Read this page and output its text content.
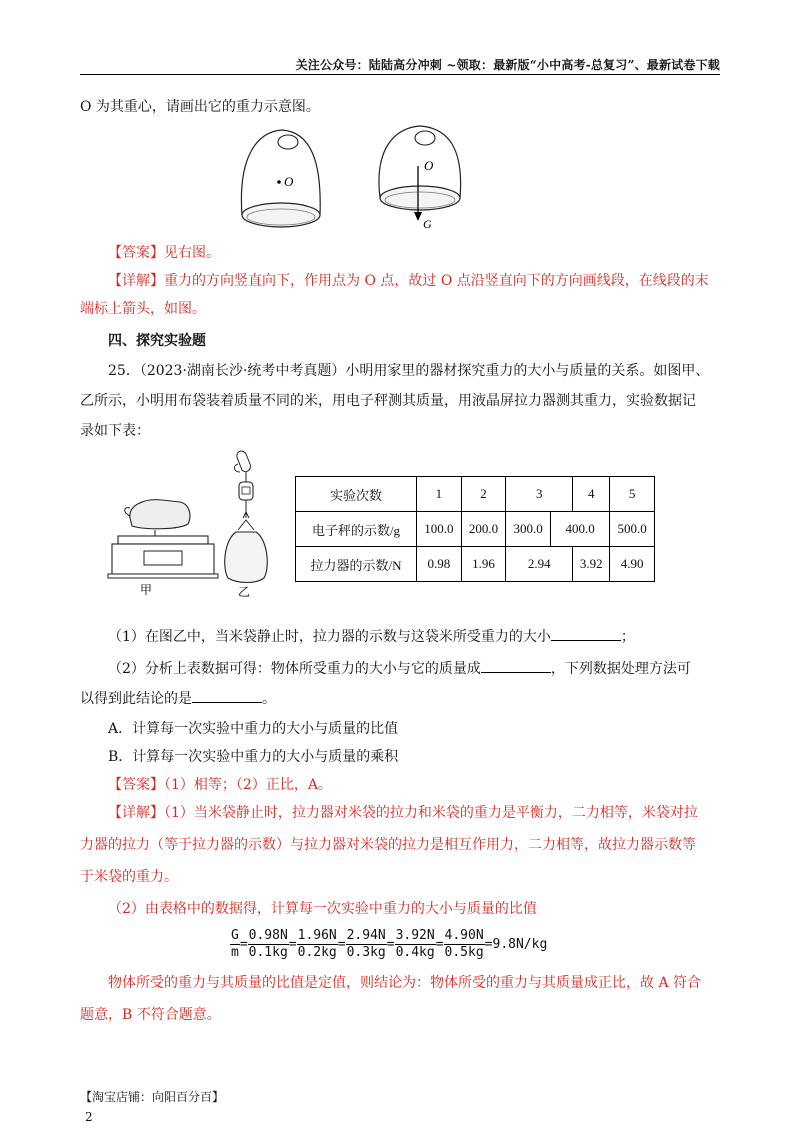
关注公众号：陆陆高分冲刺 ~领取：最新版“小中高考-总复习”、最新试卷下载
O 为其重心，请画出它的重力示意图。
O
O
G
【答案】见右图。
【详解】重力的方向竖直向下，作用点为 O 点，故过 O 点沿竖直向下的方向画线段，在线段的末
端标上箭头，如图。
四、探究实验题
25．（2023·湖南长沙·统考中考真题）小明用家里的器材探究重力的大小与质量的关系。如图甲、
乙所示，小明用布袋装着质量不同的米，用电子秤测其质量，用液晶屏拉力器测其重力，实验数据记
录如下表：
甲	乙
实验次数	1	2	3		4	5
电子秤的示数/g	100.0	200.0	300.0	400.0		500.0
拉力器的示数/N	0.98	1.96	2.94		3.92	4.90
（1）在图乙中，当米袋静止时，拉力器的示数与这袋米所受重力的大小	；
（2）分析上表数据可得：物体所受重力的大小与它的质量成	，下列数据处理方法可
以得到此结论的是	。
A．计算每一次实验中重力的大小与质量的比值
B．计算每一次实验中重力的大小与质量的乘积
【答案】（1）相等；（2）正比，A。
【详解】（1）当米袋静止时，拉力器对米袋的拉力和米袋的重力是平衡力，二力相等，米袋对拉
力器的拉力（等于拉力器的示数）与拉力器对米袋的拉力是相互作用力，二力相等，故拉力器示数等
于米袋的重力。
（2）由表格中的数据得，计算每一次实验中重力的大小与质量的比值
$\frac{G}{m} = \frac{0.98N}{0.1kg} = \frac{1.96N}{0.2kg} = \frac{2.94N}{0.3kg} = \frac{3.92N}{0.4kg} = \frac{4.90N}{0.5kg} =9.8N/kg$
物体所受的重力与其质量的比值是定值，则结论为：物体所受的重力与其质量成正比，故 A 符合
题意，B 不符合题意。
【淘宝店铺：向阳百分百】
2
